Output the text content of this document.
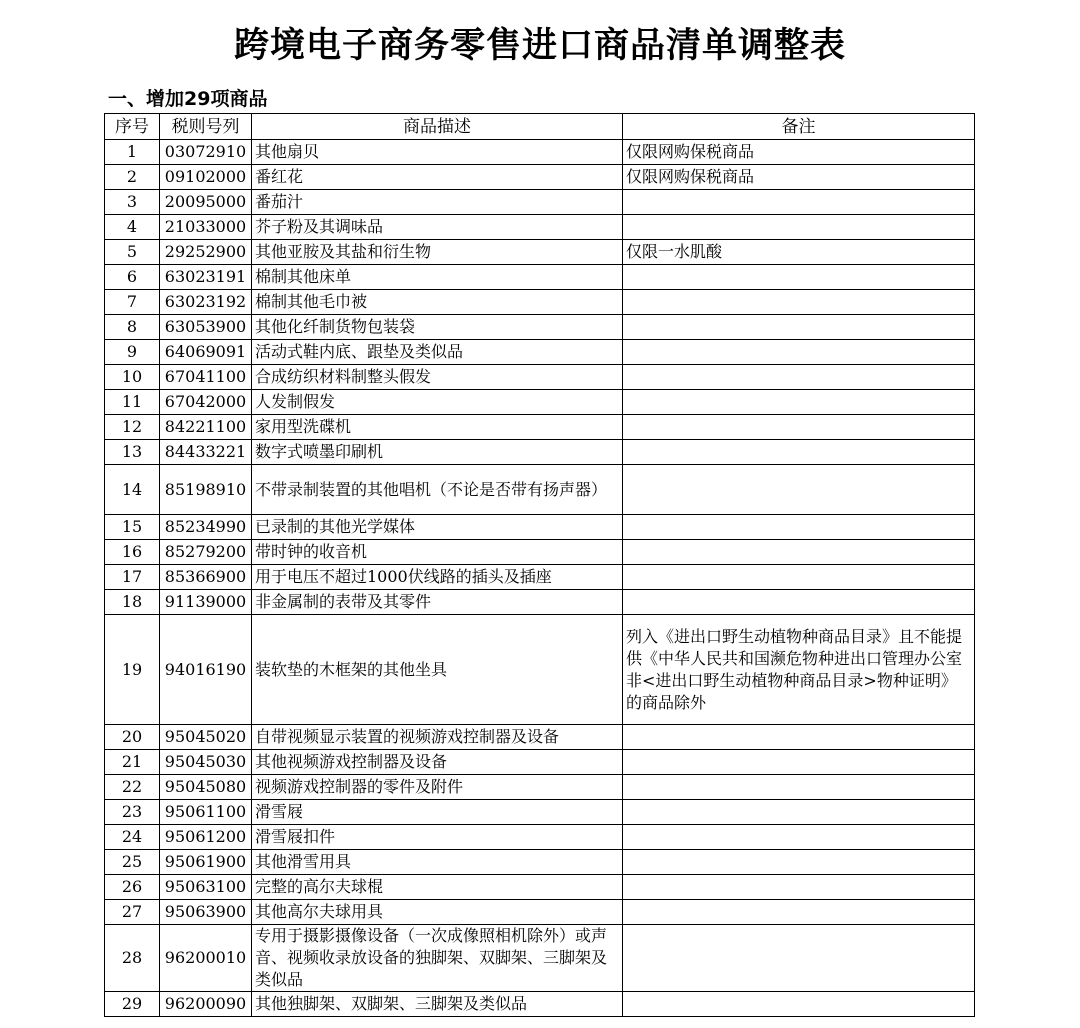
跨境电子商务零售进口商品清单调整表
一、增加29项商品
序号	税则号列	商品描述	备注
1	03072910	其他扇贝	仅限网购保税商品
2	09102000	番红花	仅限网购保税商品
3	20095000	番茄汁	
4	21033000	芥子粉及其调味品	
5	29252900	其他亚胺及其盐和衍生物	仅限一水肌酸
6	63023191	棉制其他床单	
7	63023192	棉制其他毛巾被	
8	63053900	其他化纤制货物包装袋	
9	64069091	活动式鞋内底、跟垫及类似品	
10	67041100	合成纺织材料制整头假发	
11	67042000	人发制假发	
12	84221100	家用型洗碟机	
13	84433221	数字式喷墨印刷机	
14	85198910	不带录制装置的其他唱机（不论是否带有扬声器）	
15	85234990	已录制的其他光学媒体	
16	85279200	带时钟的收音机	
17	85366900	用于电压不超过1000伏线路的插头及插座	
18	91139000	非金属制的表带及其零件	
19	94016190	装软垫的木框架的其他坐具	列入《进出口野生动植物种商品目录》且不能提供《中华人民共和国濒危物种进出口管理办公室非<进出口野生动植物种商品目录>物种证明》的商品除外
20	95045020	自带视频显示装置的视频游戏控制器及设备	
21	95045030	其他视频游戏控制器及设备	
22	95045080	视频游戏控制器的零件及附件	
23	95061100	滑雪屐	
24	95061200	滑雪屐扣件	
25	95061900	其他滑雪用具	
26	95063100	完整的高尔夫球棍	
27	95063900	其他高尔夫球用具	
28	96200010	专用于摄影摄像设备（一次成像照相机除外）或声音、视频收录放设备的独脚架、双脚架、三脚架及类似品	
29	96200090	其他独脚架、双脚架、三脚架及类似品	
